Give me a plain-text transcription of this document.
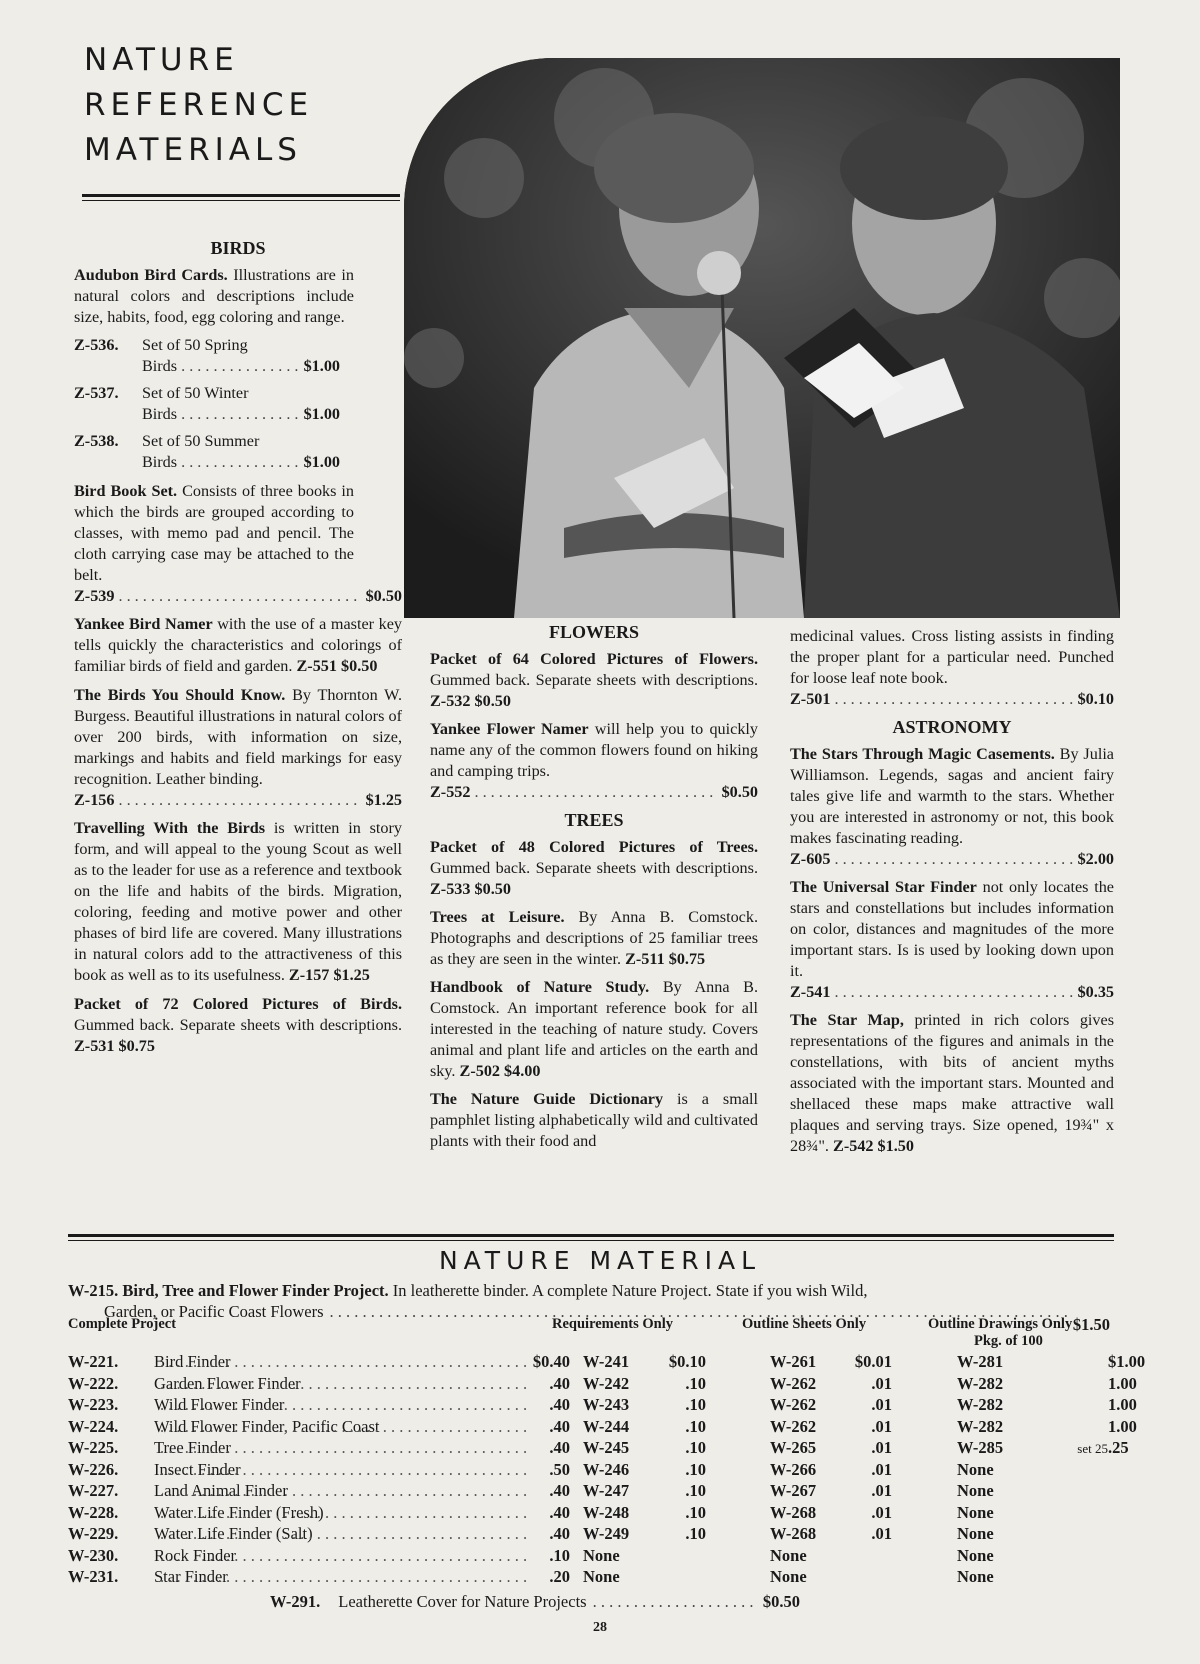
NATURE
REFERENCE
MATERIALS
BIRDS

Audubon Bird Cards. Illustrations are in natural colors and descriptions include size, habits, food, egg coloring and range.

Z-536.	Set of 50 Spring
Birds . . .	$1.00
Z-537.	Set of 50 Winter
Birds . . .	$1.00
Z-538.	Set of 50 Summer
Birds . . .	$1.00

Bird Book Set. Consists of three books in which the birds are grouped according to classes, with memo pad and pencil. The cloth carrying case may be attached to the belt.

Z-539 . . .	$0.50

Yankee Bird Namer with the use of a master key tells quickly the characteristics and colorings of familiar birds of field and garden. Z-551 $0.50

The Birds You Should Know. By Thornton W. Burgess. Beautiful illustrations in natural colors of over 200 birds, with information on size, markings and habits and field markings for easy recognition. Leather binding.

Z-156 . . .	$1.25

Travelling With the Birds is written in story form, and will appeal to the young Scout as well as to the leader for use as a reference and textbook on the life and habits of the birds. Migration, coloring, feeding and motive power and other phases of bird life are covered. Many illustrations in natural colors add to the attractiveness of this book as well as to its usefulness. Z-157 $1.25

Packet of 72 Colored Pictures of Birds. Gummed back. Separate sheets with descriptions. Z-531 $0.75

FLOWERS

Packet of 64 Colored Pictures of Flowers. Gummed back. Separate sheets with descriptions. Z-532 $0.50

Yankee Flower Namer will help you to quickly name any of the common flowers found on hiking and camping trips.

Z-552 . . .	$0.50
TREES

Packet of 48 Colored Pictures of Trees. Gummed back. Separate sheets with descriptions. Z-533 $0.50

Trees at Leisure. By Anna B. Comstock. Photographs and descriptions of 25 familiar trees as they are seen in the winter. Z-511 $0.75

Handbook of Nature Study. By Anna B. Comstock. An important reference book for all interested in the teaching of nature study. Covers animal and plant life and articles on the earth and sky. Z-502 $4.00

The Nature Guide Dictionary is a small pamphlet listing alphabetically wild and cultivated plants with their food and

medicinal values. Cross listing assists in finding the proper plant for a particular need. Punched for loose leaf note book.

Z-501 . . .	$0.10
ASTRONOMY

The Stars Through Magic Casements. By Julia Williamson. Legends, sagas and ancient fairy tales give life and warmth to the stars. Whether you are interested in astronomy or not, this book makes fascinating reading.

Z-605 . . .	$2.00

The Universal Star Finder not only locates the stars and constellations but includes information on color, distances and magnitudes of the more important stars. Is is used by looking down upon it.

Z-541 . . .	$0.35

The Star Map, printed in rich colors gives representations of the figures and animals in the constellations, with bits of ancient myths associated with the important stars. Mounted and shellaced these maps make attractive wall plaques and serving trays. Size opened, 19¾" x 28¾". Z-542 $1.50

NATURE MATERIAL
W-215. Bird, Tree and Flower Finder Project. In leatherette binder. A complete Nature Project. State if you wish Wild,
Garden, or Pacific Coast Flowers
. . .
$1.50
Complete Project	Requirements Only	Outline Sheets Only	Outline Drawings Only
Pkg. of 100
W-221. Bird Finder . . .	$0.40 W-241	$0.10	W-261	$0.01	W-281	$1.00
W-222. Garden Flower Finder . . .	.40 W-242	.10	W-262	.01	W-282	1.00
W-223. Wild Flower Finder . . .	.40 W-243	.10	W-262	.01	W-282	1.00
W-224. Wild Flower Finder, Pacific Coast . . .	.40 W-244	.10	W-262	.01	W-282	1.00
W-225. Tree Finder . . .	.40 W-245	.10	W-265	.01	W-285	set 25 .25
W-226. Insect Finder . . .	.50 W-246	.10	W-266	.01	None
W-227. Land Animal Finder . . .	.40 W-247	.10	W-267	.01	None
W-228. Water Life Finder (Fresh) . . .	.40 W-248	.10	W-268	.01	None
W-229. Water Life Finder (Salt) . . .	.40 W-249	.10	W-268	.01	None
W-230. Rock Finder . . .	.10 None	None	None
W-231. Star Finder . . .	.20 None	None	None
W-291. Leatherette Cover for Nature Projects . . .	$0.50
28
